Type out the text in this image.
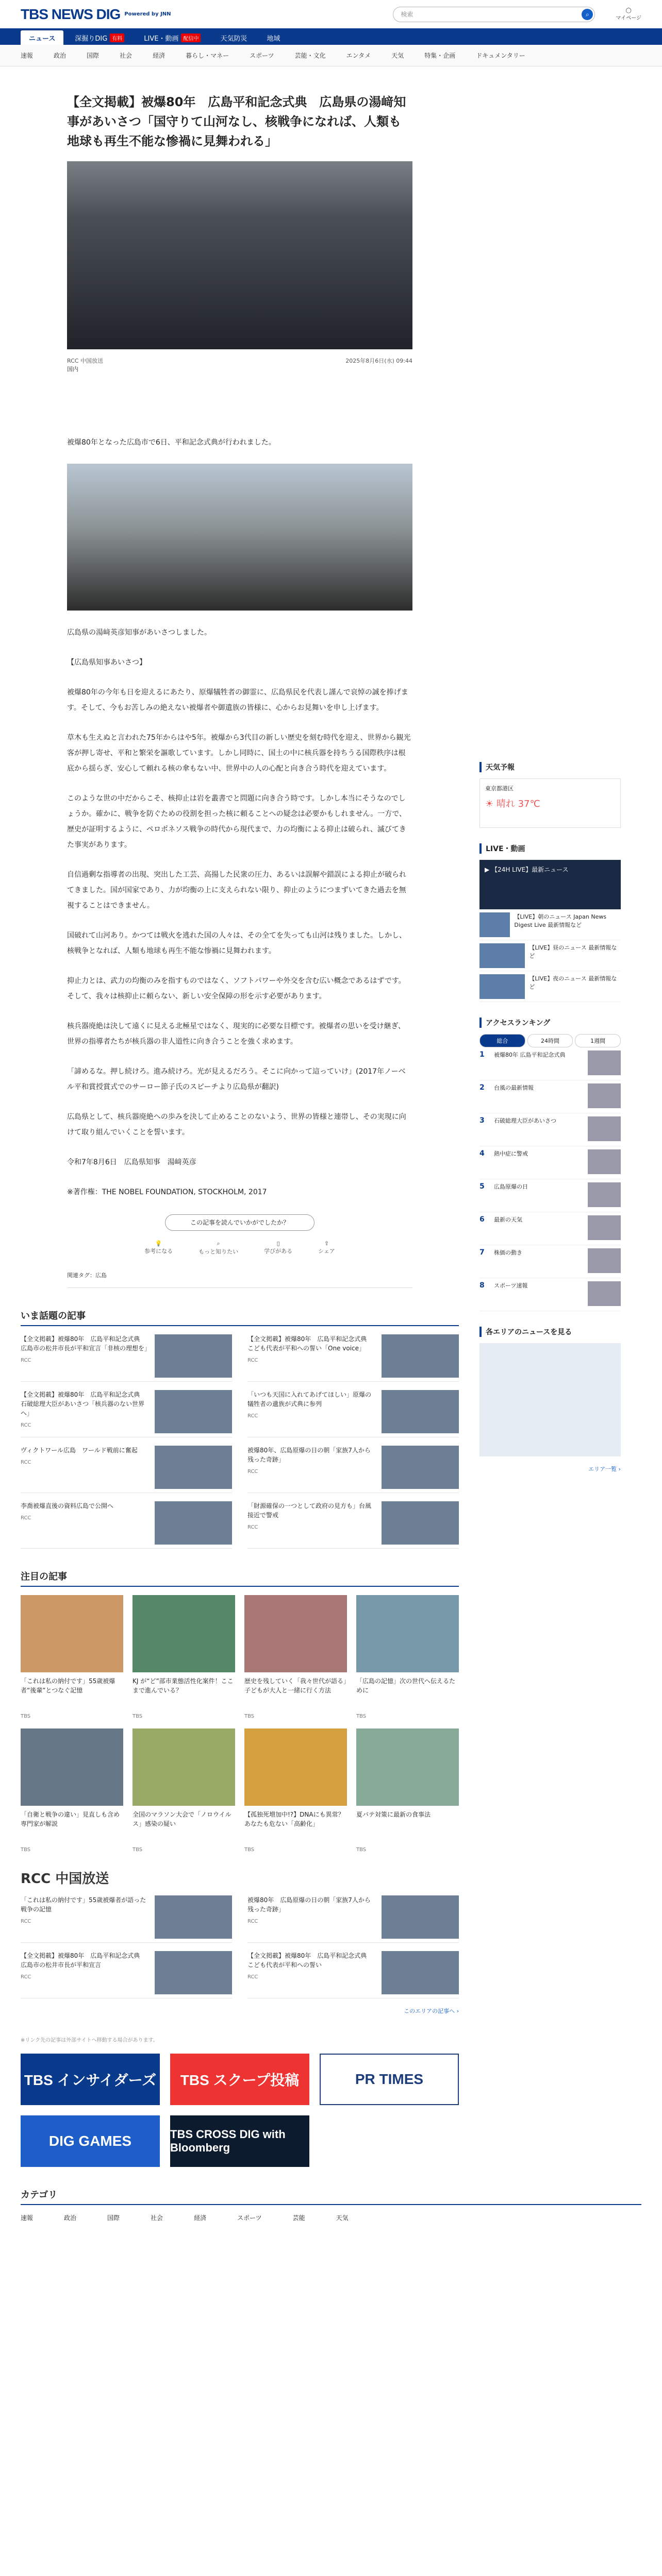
TBS NEWS DIG Powered by JNN	検索	⌕
◯
マイページ
ニュース	深掘りDIG 有料	LIVE・動画 配信中	天気防災	地域
速報	政治	国際	社会	経済	暮らし・マネー	スポーツ	芸能・文化	エンタメ	天気	特集・企画	ドキュメンタリー
【全文掲載】被爆80年　広島平和記念式典　広島県の湯﨑知事があいさつ「国守りて山河なし、核戦争になれば、人類も地球も再生不能な惨禍に見舞われる」
RCC 中国放送	2025年8月6日(水) 09:44
国内

被爆80年となった広島市で6日、平和記念式典が行われました。

広島県の湯﨑英彦知事があいさつしました。

【広島県知事あいさつ】

被爆80年の今年も日を迎えるにあたり、原爆犠牲者の御霊に、広島県民を代表し謹んで哀悼の誠を捧げます。そして、今もお苦しみの絶えない被爆者や御遺族の皆様に、心からお見舞いを申し上げます。

草木も生えぬと言われた75年からはや5年。被爆から3代目の新しい歴史を刻む時代を迎え、世界から観光客が押し寄せ、平和と繁栄を謳歌しています。しかし同時に、国土の中に核兵器を持ちうる国際秩序は根底から揺らぎ、安心して頼れる核の傘もない中、世界中の人の心配と向き合う時代を迎えています。

このような世の中だからこそ、核抑止は岩を叢書でと問題に向き合う時です。しかし本当にそうなのでしょうか。確かに、戦争を防ぐための役割を担った核に頼ることへの疑念は必要かもしれません。一方で、歴史が証明するように、ペロポネソス戦争の時代から現代まで、力の均衡による抑止は破られ、滅びてきた事実があります。

自信過剰な指導者の出現、突出した工芸、高揚した民衆の圧力、あるいは誤解や錯誤による抑止が破られてきました。国が国家であり、力が均衡の上に支えられない限り、抑止のようにつまずいてきた過去を無視することはできません。

国破れて山河あり。かつては戦火を逃れた国の人々は、その全てを失っても山河は残りました。しかし、核戦争となれば、人類も地球も再生不能な惨禍に見舞われます。

抑止力とは、武力の均衡のみを指すものではなく、ソフトパワーや外交を含む広い概念であるはずです。そして、我々は核抑止に頼らない、新しい安全保障の形を示す必要があります。

核兵器廃絶は決して遠くに見える北極星ではなく、現実的に必要な目標です。被爆者の思いを受け継ぎ、世界の指導者たちが核兵器の非人道性に向き合うことを強く求めます。

「諦めるな。押し続けろ。進み続けろ。光が見えるだろう。そこに向かって這っていけ」(2017年ノーベル平和賞授賞式でのサーロー節子氏のスピーチより広島県が翻訳)

広島県として、核兵器廃絶への歩みを決して止めることのないよう、世界の皆様と連帯し、その実現に向けて取り組んでいくことを誓います。

令和7年8月6日　広島県知事　湯﨑英彦

※著作権：THE NOBEL FOUNDATION, STOCKHOLM, 2017

この記事を読んでいかがでしたか？
💡
参考になる
⌕
もっと知りたい
▯
学びがある
⇪
シェア
関連タグ：広島
いま話題の記事
【全文掲載】被爆80年　広島平和記念式典　広島市の松井市長が平和宣言「非核の理想を」
RCC
【全文掲載】被爆80年　広島平和記念式典　こども代表が平和への誓い「One voice」
RCC
【全文掲載】被爆80年　広島平和記念式典　石破総理大臣があいさつ「核兵器のない世界へ」
RCC
「いつも天国に入れてあげてほしい」原爆の犠牲者の遺族が式典に参列
RCC
ヴィクトワール広島　ワールド戦前に奮起
RCC
被爆80年、広島原爆の日の朝「家族7人から残った奇跡」
RCC
李喬被爆直後の資料広島で公開へ
RCC
「財源確保の一つとして政府の見方も」台風接近で警戒
RCC
注目の記事
「これは私の納付です」55歳被爆者“後輩”とつなぐ記憶
TBS
KJ が“ど”部市業態活性化案件！ここまで進んでいる？
TBS
歴史を残していく「我々世代が語る」子どもが大人と一緒に行く方法
TBS
「広島の記憶」次の世代へ伝えるために
TBS
「自衛と戦争の違い」見直しも含め専門家が解説
TBS
全国のマラソン大会で「ノロウイルス」感染の疑い
TBS
【孤独死増加中!?】DNAにも異常？あなたも危ない「高齢化」
TBS
夏バテ対策に最新の食事法
TBS
RCC 中国放送
「これは私の納付です」55歳被爆者が語った戦争の記憶
RCC
被爆80年　広島原爆の日の朝「家族7人から残った奇跡」
RCC
【全文掲載】被爆80年　広島平和記念式典　広島市の松井市長が平和宣言
RCC
【全文掲載】被爆80年　広島平和記念式典　こども代表が平和への誓い
RCC
このエリアの記事へ ›
※リンク先の記事は外部サイトへ移動する場合があります。
TBS インサイダーズ	TBS スクープ投稿	PR TIMES
DIG GAMES	TBS CROSS DIG with Bloomberg
天気予報
東京都港区
☀ 晴れ 37℃
LIVE・動画
▶ 【24H LIVE】最新ニュース
【LIVE】朝のニュース Japan News Digest Live 最新情報など
【LIVE】昼のニュース 最新情報など
【LIVE】夜のニュース 最新情報など
アクセスランキング
総合	24時間	1週間
1	被爆80年 広島平和記念式典
2	台風の最新情報
3	石破総理大臣があいさつ
4	熱中症に警戒
5	広島原爆の日
6	最新の天気
7	株価の動き
8	スポーツ速報
各エリアのニュースを見る
エリア一覧 ›
カテゴリ
速報	政治	国際	社会	経済	スポーツ	芸能	天気
